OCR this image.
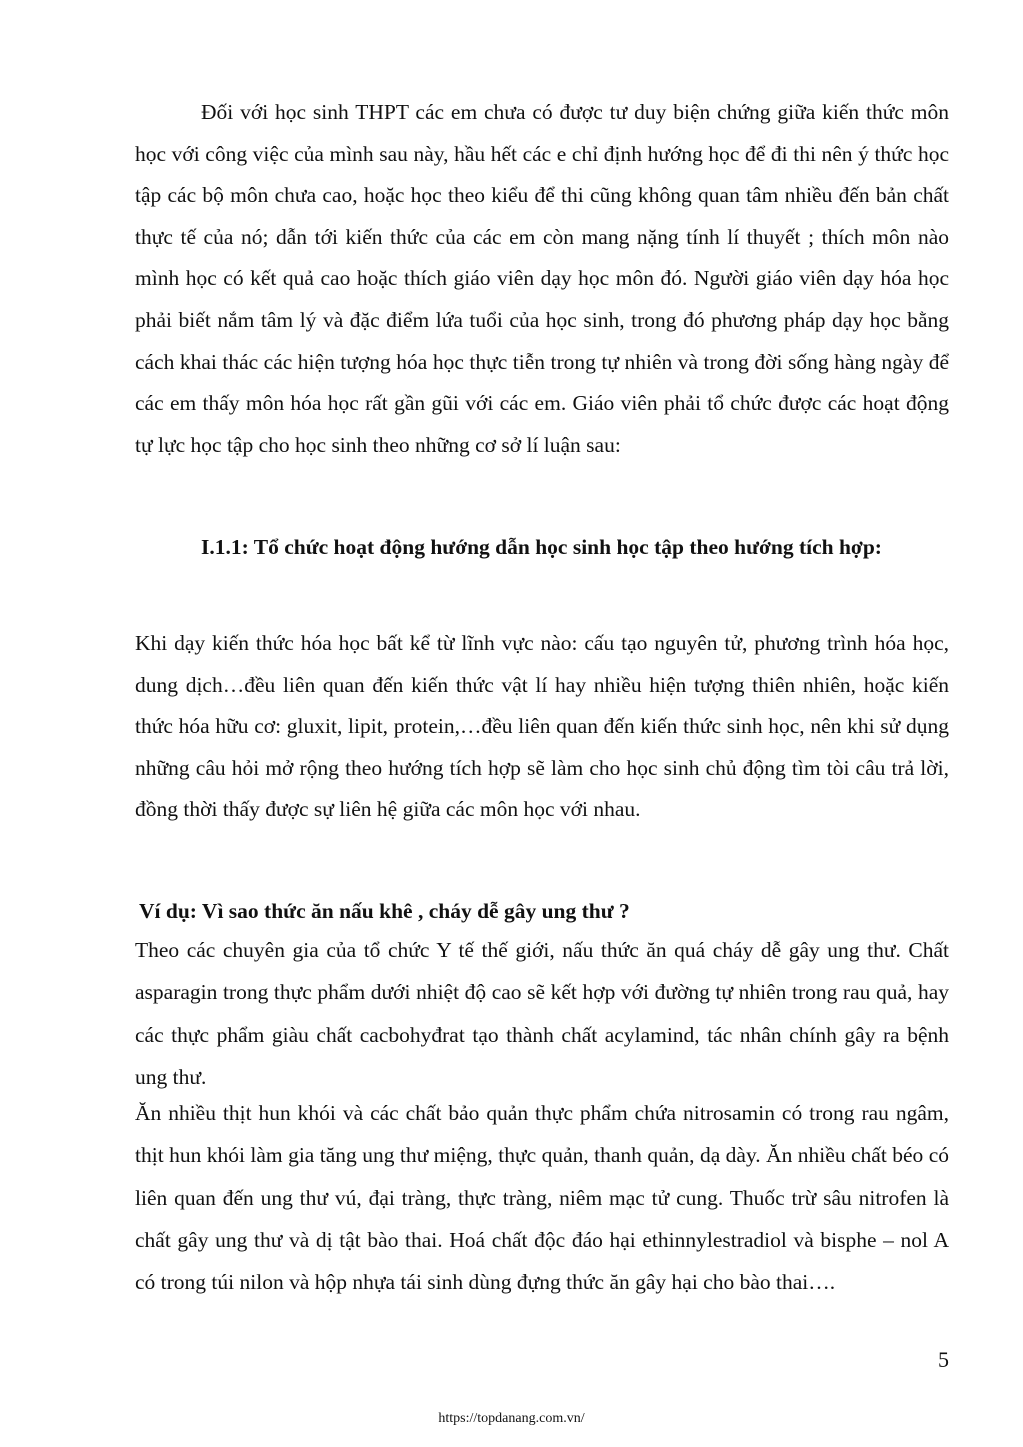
Đối với học sinh THPT các em chưa có được tư duy biện chứng giữa kiến thức môn học với công việc của mình sau này, hầu hết các e chỉ định hướng học để đi thi nên ý thức học tập các bộ môn chưa cao, hoặc học theo kiểu để thi cũng không quan tâm nhiều đến bản chất thực tế của nó; dẫn tới kiến thức của các em còn mang nặng tính lí thuyết ; thích môn nào mình học có kết quả cao hoặc thích giáo viên dạy học môn đó. Người giáo viên dạy hóa học phải biết nắm tâm lý và đặc điểm lứa tuổi của học sinh, trong đó phương pháp dạy học bằng cách khai thác các hiện tượng hóa học thực tiễn trong tự nhiên và trong đời sống hàng ngày để các em thấy môn hóa học rất gần gũi với các em. Giáo viên phải tổ chức được các hoạt động tự lực học tập cho học sinh theo những cơ sở lí luận sau:

I.1.1: Tổ chức hoạt động hướng dẫn học sinh học tập theo hướng tích hợp:

Khi dạy kiến thức hóa học bất kể từ lĩnh vực nào: cấu tạo nguyên tử, phương trình hóa học, dung dịch…đều liên quan đến kiến thức vật lí hay nhiều hiện tượng thiên nhiên, hoặc kiến thức hóa hữu cơ: gluxit, lipit, protein,…đều liên quan đến kiến thức sinh học, nên khi sử dụng những câu hỏi mở rộng theo hướng tích hợp sẽ làm cho học sinh chủ động tìm tòi câu trả lời, đồng thời thấy được sự liên hệ giữa các môn học với nhau.

Ví dụ: Vì sao thức ăn nấu khê , cháy dễ gây ung thư ?

Theo các chuyên gia của tổ chức Y tế thế giới, nấu thức ăn quá cháy dễ gây ung thư. Chất asparagin trong thực phẩm dưới nhiệt độ cao sẽ kết hợp với đường tự nhiên trong rau quả, hay các thực phẩm giàu chất cacbohyđrat tạo thành chất acylamind, tác nhân chính gây ra bệnh ung thư.

Ăn nhiều thịt hun khói và các chất bảo quản thực phẩm chứa nitrosamin có trong rau ngâm, thịt hun khói làm gia tăng ung thư miệng, thực quản, thanh quản, dạ dày. Ăn nhiều chất béo có liên quan đến ung thư vú, đại tràng, thực tràng, niêm mạc tử cung. Thuốc trừ sâu nitrofen là chất gây ung thư và dị tật bào thai. Hoá chất độc đáo hại ethinnylestradiol và bisphe – nol A có trong túi nilon và hộp nhựa tái sinh dùng đựng thức ăn gây hại cho bào thai….

5

https://topdanang.com.vn/
